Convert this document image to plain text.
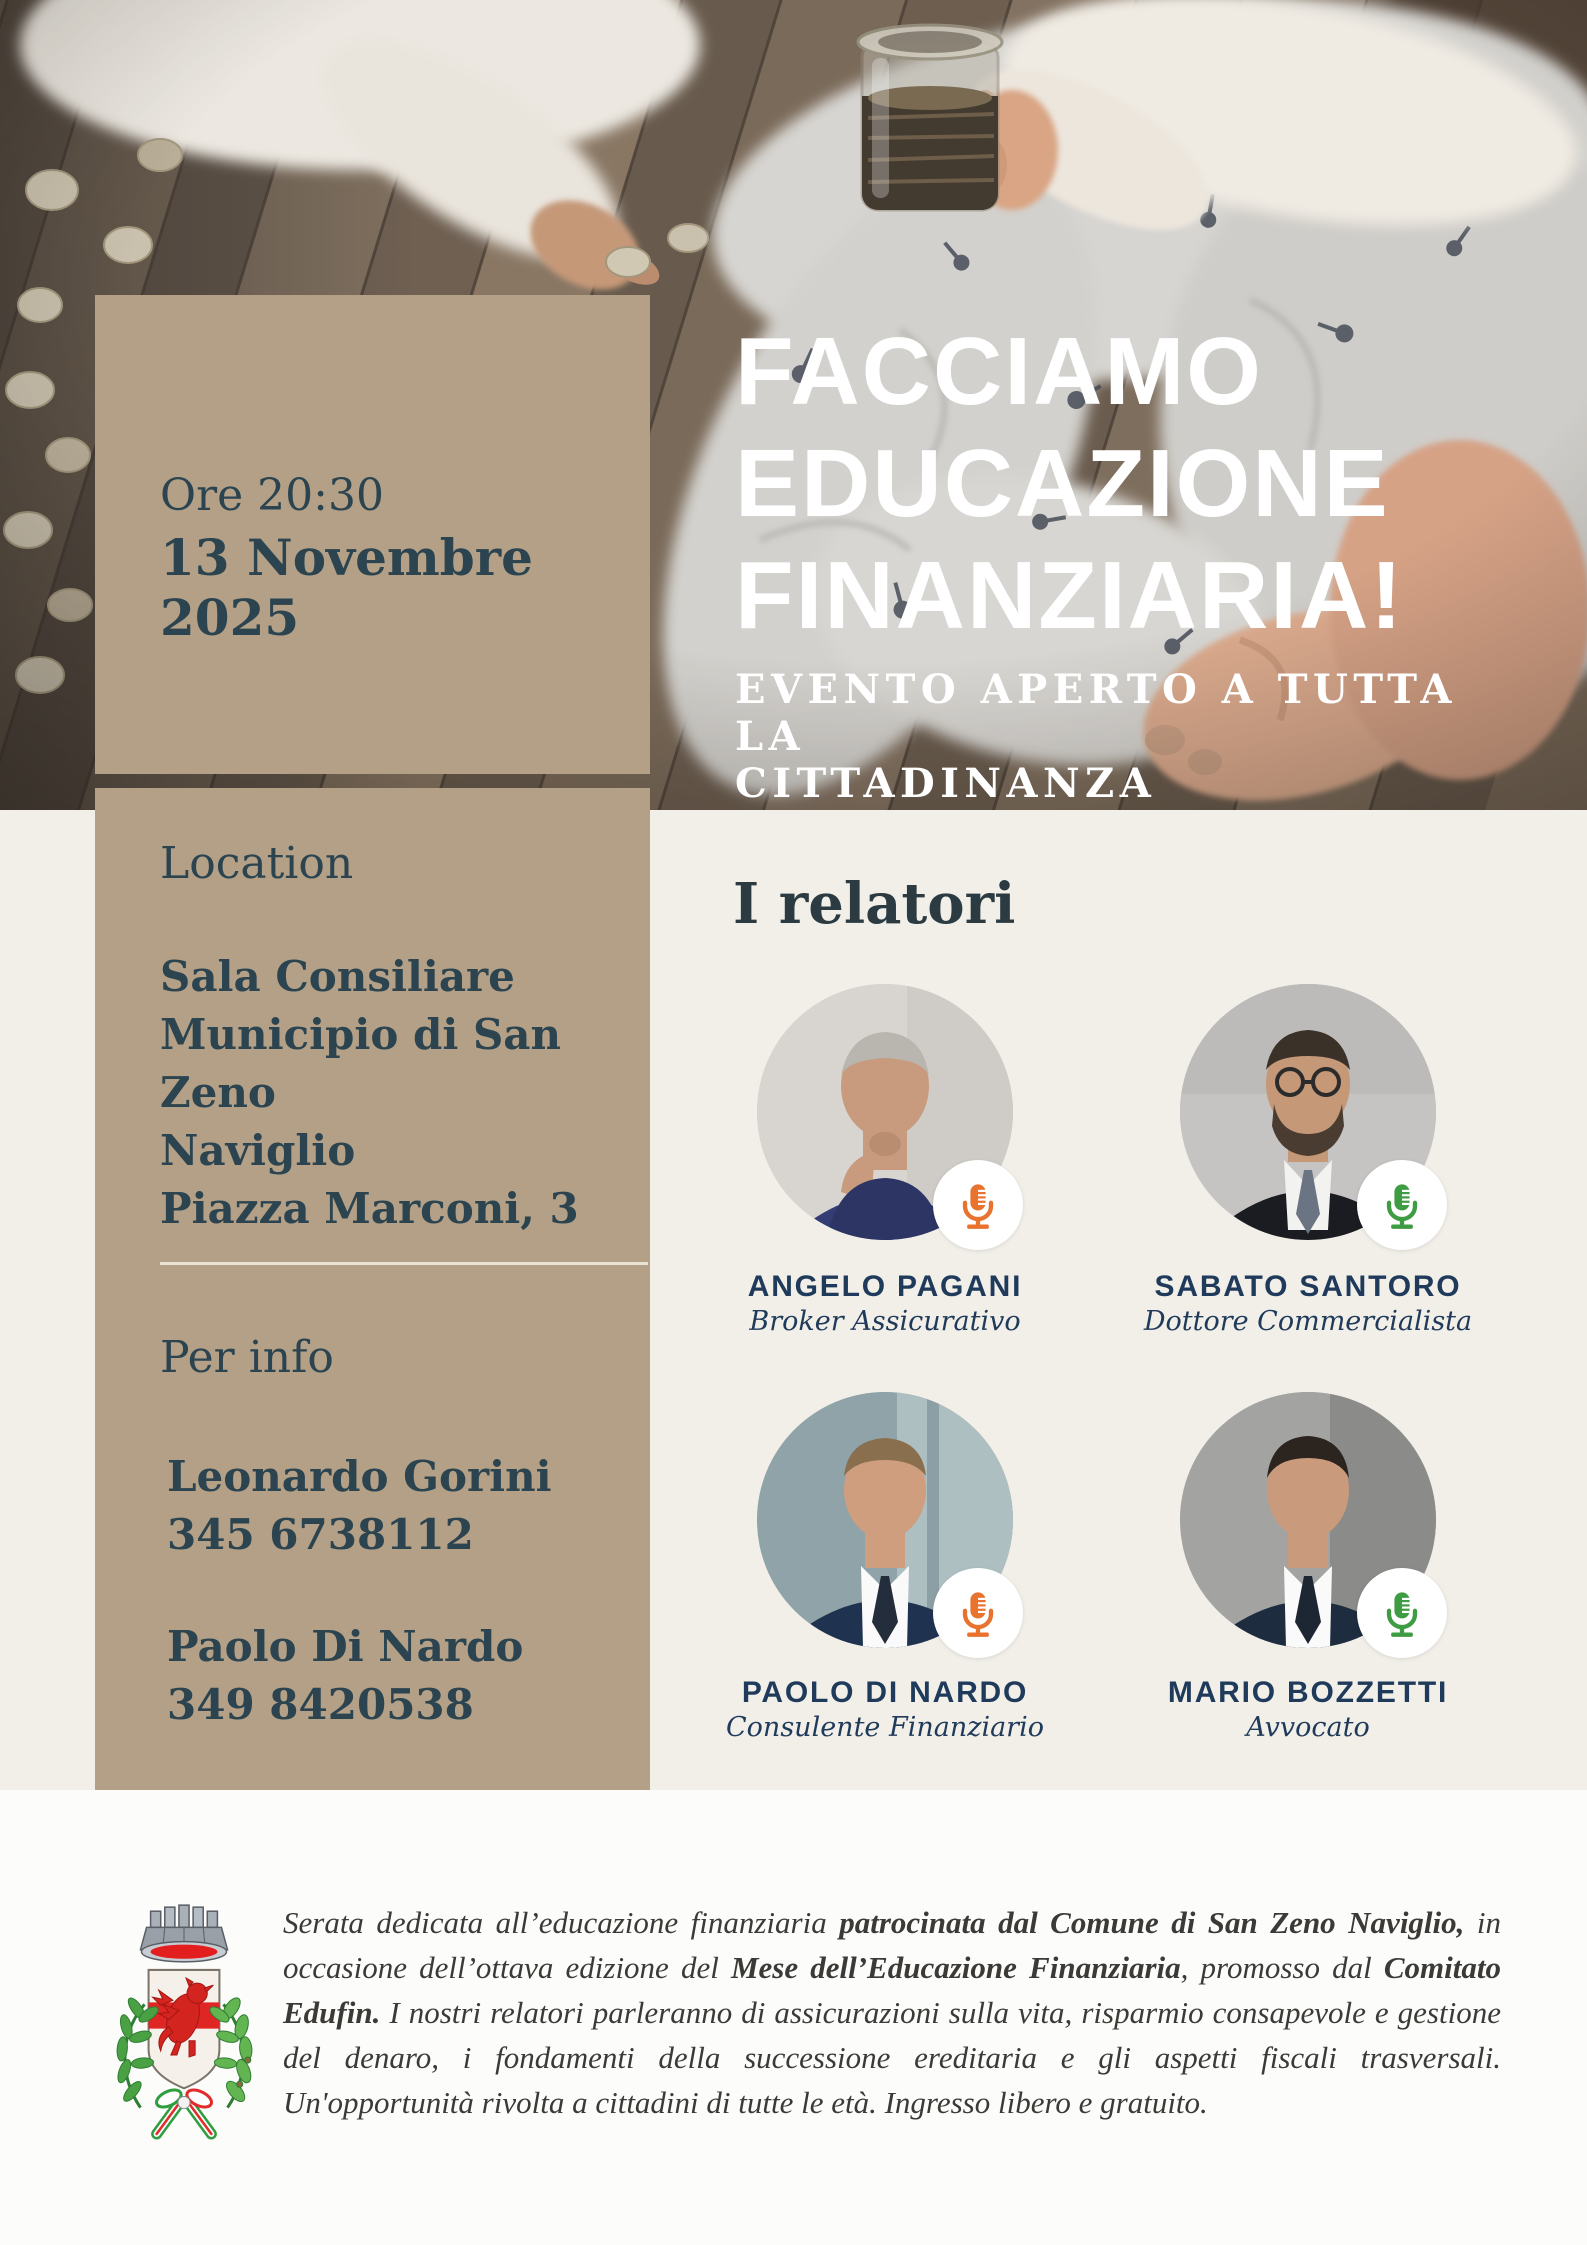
FACCIAMO
EDUCAZIONE
FINANZIARIA!
EVENTO APERTO A TUTTA LA
CITTADINANZA
Ore 20:30
13 Novembre 2025
Location
Sala Consiliare
Municipio di San Zeno
Naviglio
Piazza Marconi, 3
Per info
Leonardo Gorini
345 6738112
Paolo Di Nardo
349 8420538
I relatori
ANGELO PAGANI
Broker Assicurativo
SABATO SANTORO
Dottore Commercialista
PAOLO DI NARDO
Consulente Finanziario
MARIO BOZZETTI
Avvocato
Serata dedicata all’educazione finanziaria patrocinata dal Comune di San Zeno Naviglio, in occasione dell’ottava edizione del Mese dell’Educazione Finanziaria, promosso dal Comitato Edufin. I nostri relatori parleranno di assicurazioni sulla vita, risparmio consapevole e gestione del denaro, i fondamenti della successione ereditaria e gli aspetti fiscali trasversali. Un'opportunità rivolta a cittadini di tutte le età. Ingresso libero e gratuito.
